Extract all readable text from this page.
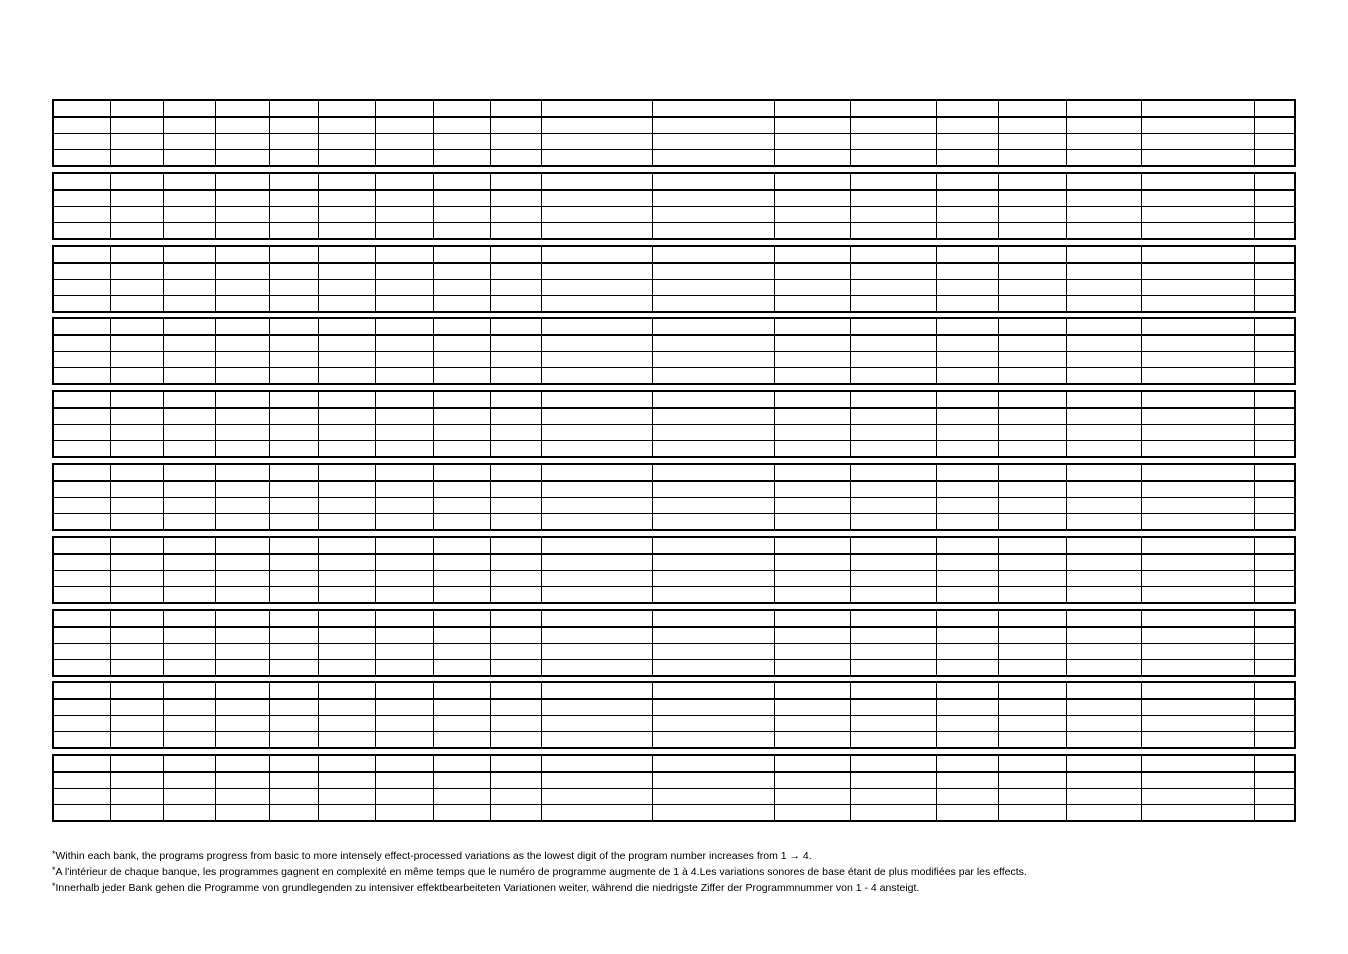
*Within each bank, the programs progress from basic to more intensely effect-processed variations as the lowest digit of the program number increases from 1 → 4.
*A l'intérieur de chaque banque, les programmes gagnent en complexité en même temps que le numéro de programme augmente de 1 à 4.Les variations sonores de base étant de plus modifiées par les effects.
*Innerhalb jeder Bank gehen die Programme von grundlegenden zu intensiver effektbearbeiteten Variationen weiter, während die niedrigste Ziffer der Programmnummer von 1 - 4 ansteigt.
